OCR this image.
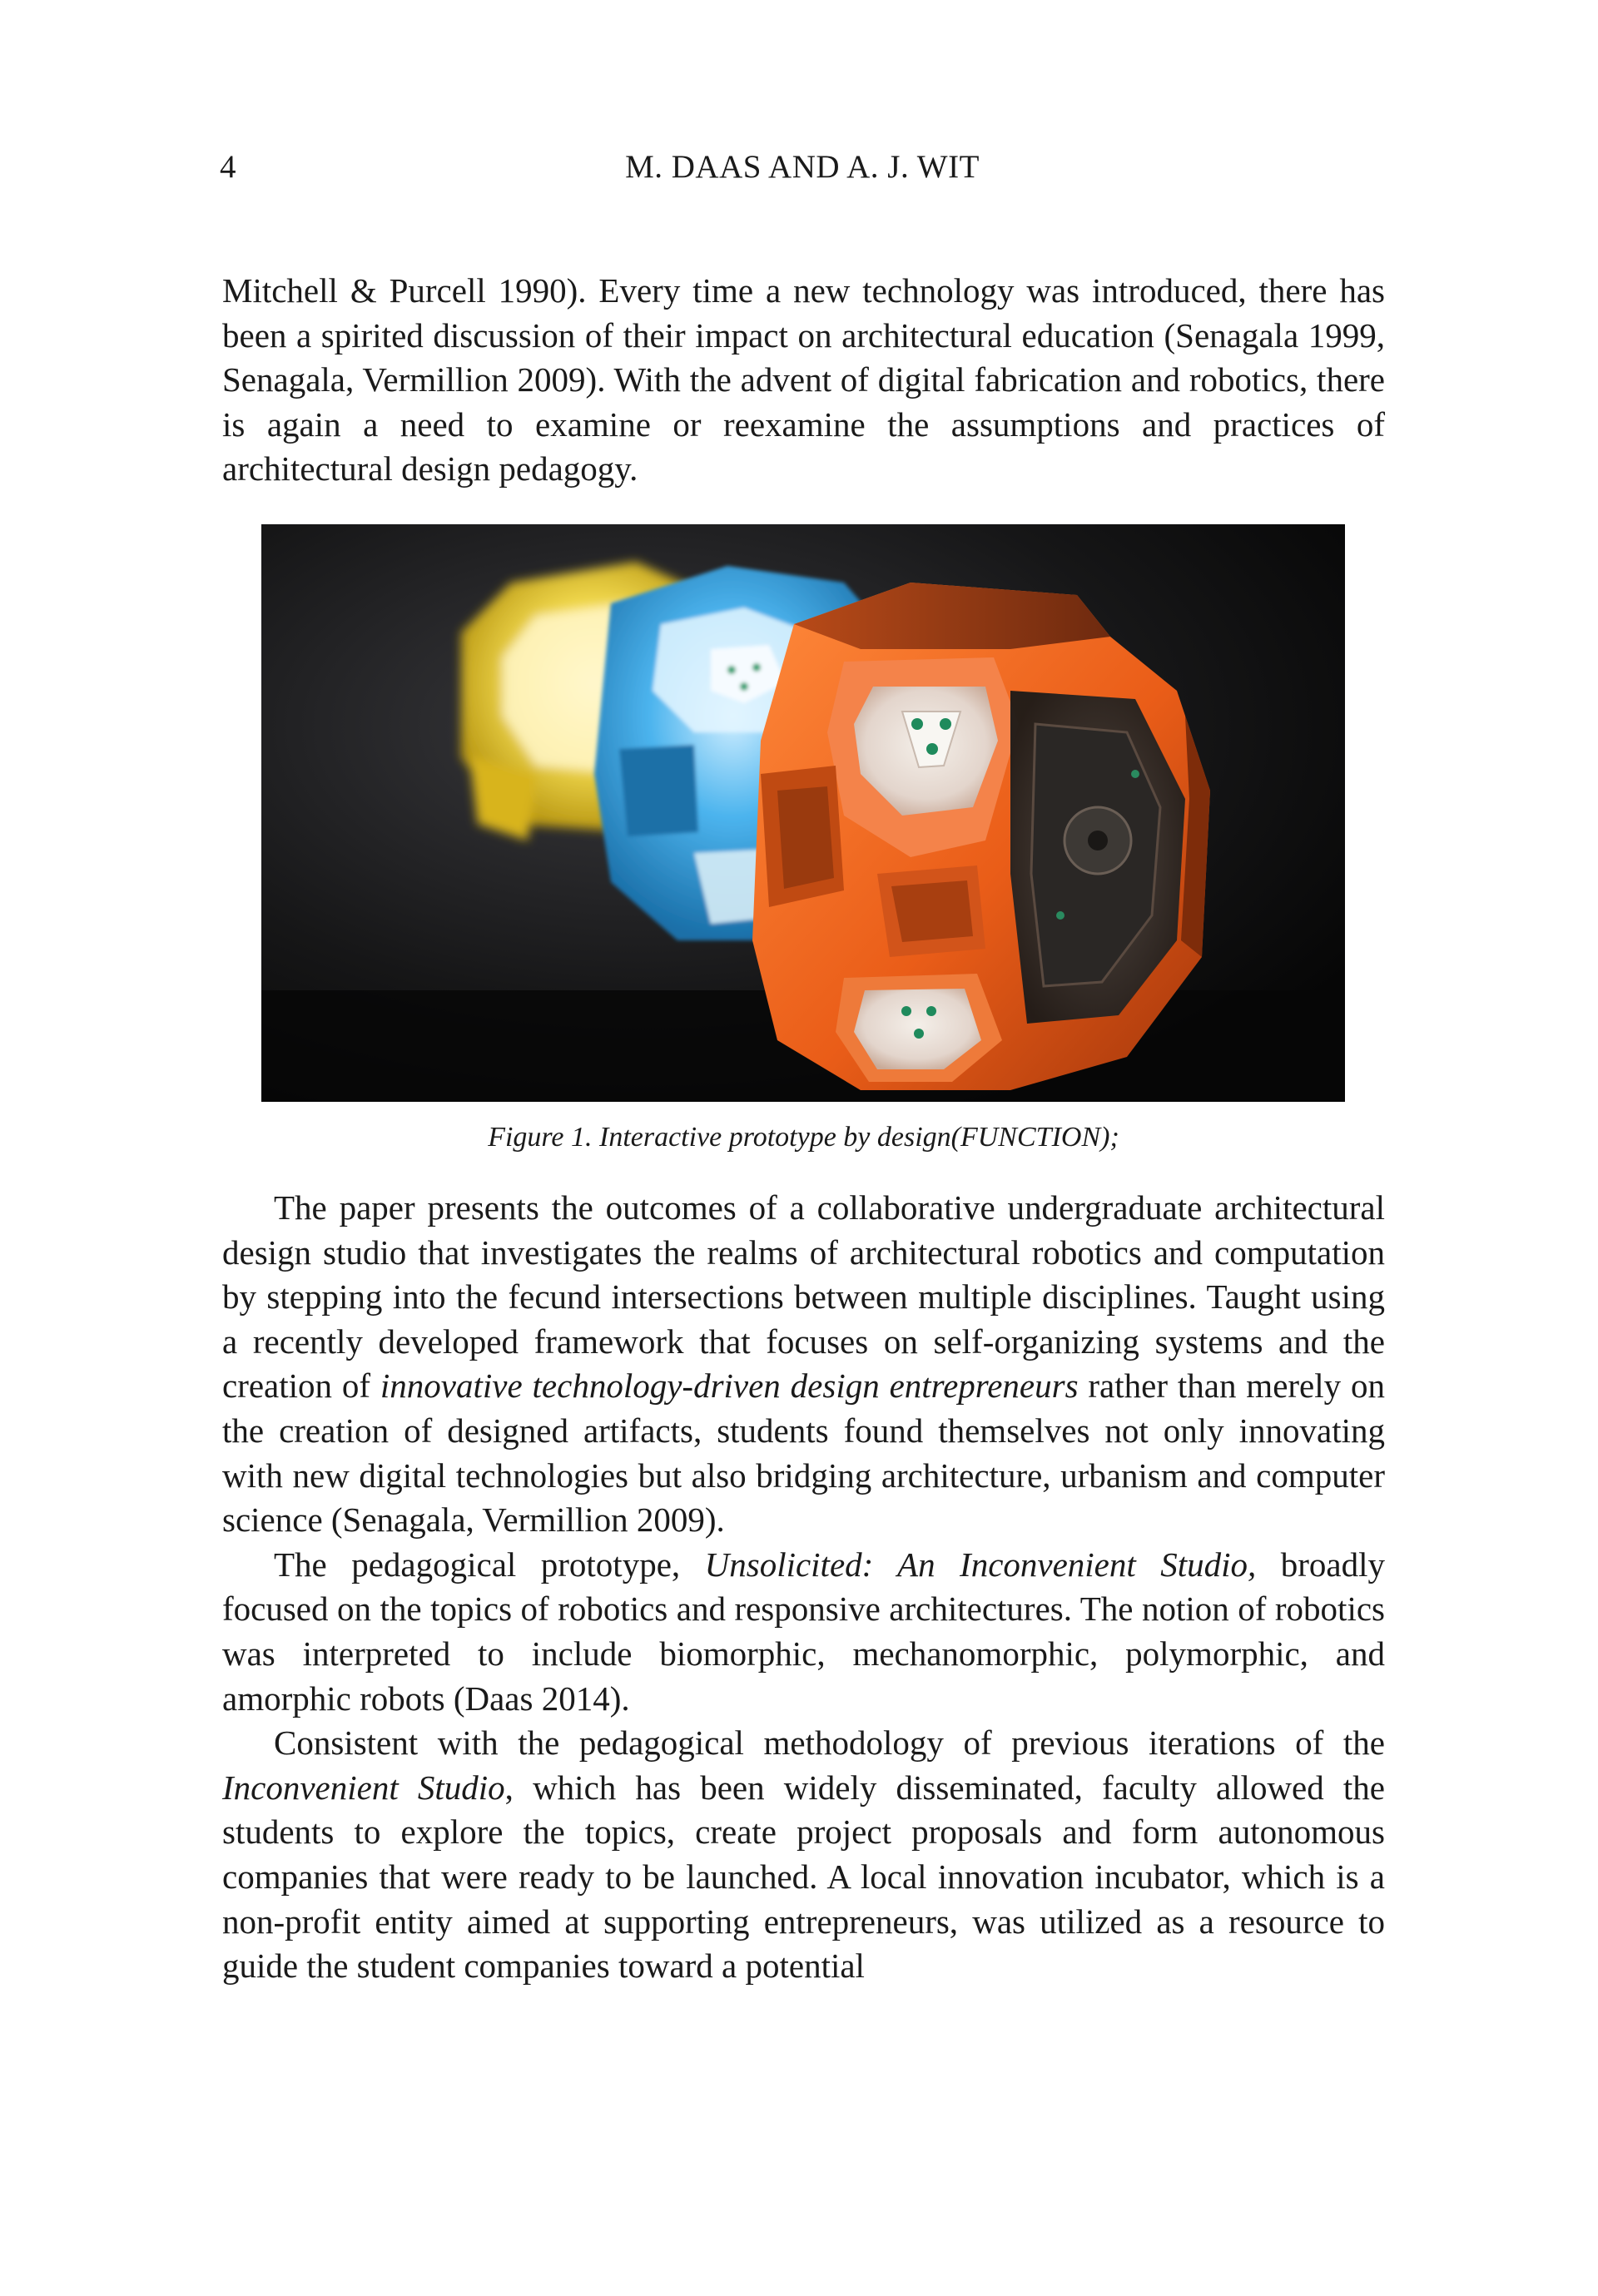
4	M. DAAS AND A. J. WIT

Mitchell & Purcell 1990). Every time a new technology was introduced, there has been a spirited discussion of their impact on architectural education (Senagala 1999, Senagala, Vermillion 2009). With the advent of digital fabrication and robotics, there is again a need to examine or reexamine the assumptions and practices of architectural design pedagogy.

Figure 1. Interactive prototype by design(FUNCTION);

The paper presents the outcomes of a collaborative undergraduate architectural design studio that investigates the realms of architectural robotics and computation by stepping into the fecund intersections between multiple disciplines. Taught using a recently developed framework that focuses on self-organizing systems and the creation of innovative technology-driven design entrepreneurs rather than merely on the creation of designed artifacts, students found themselves not only innovating with new digital technologies but also bridging architecture, urbanism and computer science (Senagala, Vermillion 2009).

The pedagogical prototype, Unsolicited: An Inconvenient Studio, broadly focused on the topics of robotics and responsive architectures. The notion of robotics was interpreted to include biomorphic, mechanomorphic, polymorphic, and amorphic robots (Daas 2014).

Consistent with the pedagogical methodology of previous iterations of the Inconvenient Studio, which has been widely disseminated, faculty allowed the students to explore the topics, create project proposals and form autonomous companies that were ready to be launched. A local innovation incubator, which is a non-profit entity aimed at supporting entrepreneurs, was utilized as a resource to guide the student companies toward a potential
